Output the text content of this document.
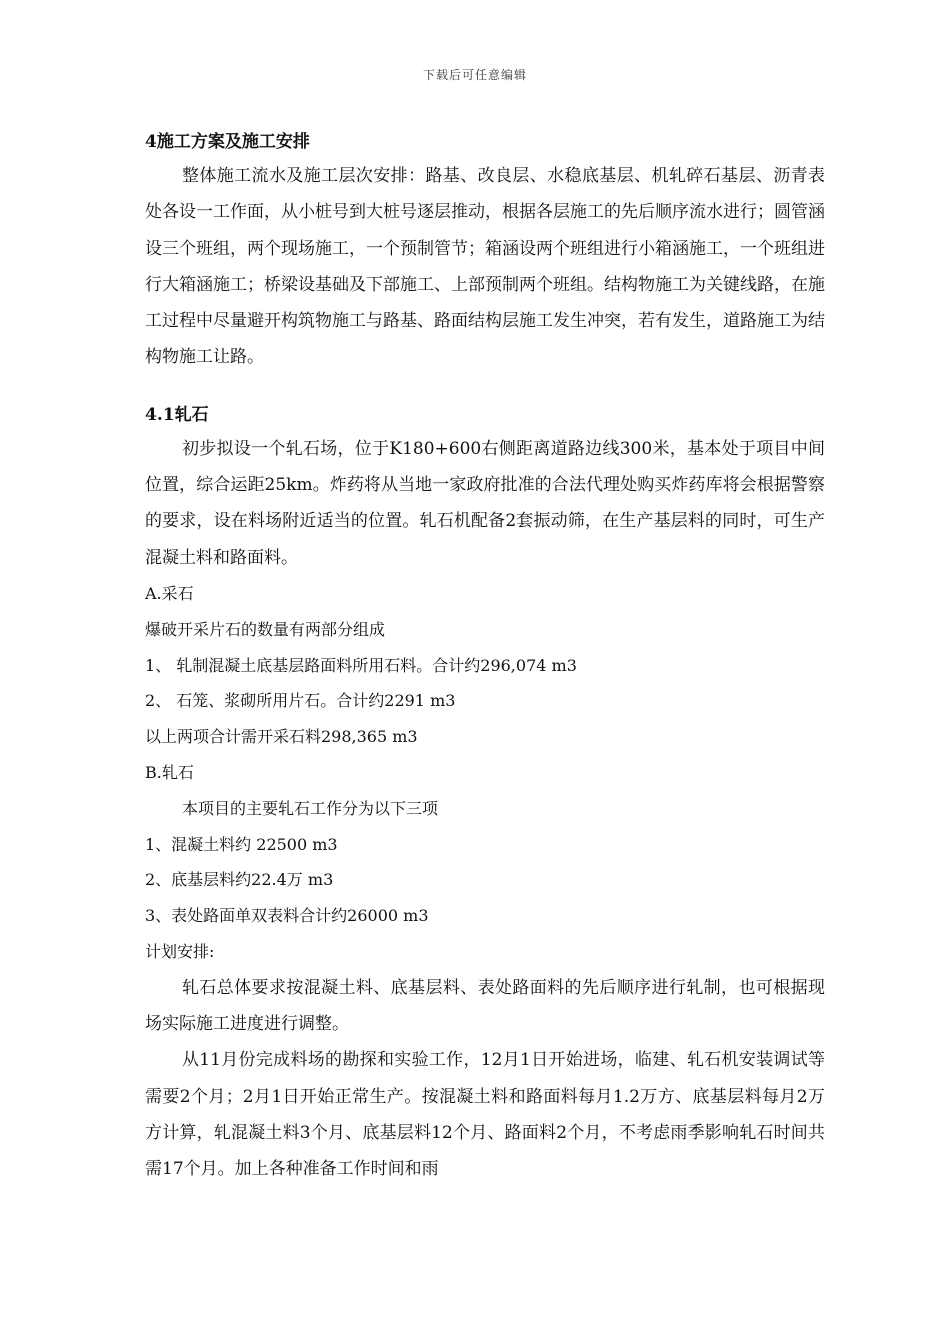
下载后可任意编辑

4施工方案及施工安排

整体施工流水及施工层次安排：路基、改良层、水稳底基层、机轧碎石基层、沥青表处各设一工作面，从小桩号到大桩号逐层推动，根据各层施工的先后顺序流水进行；圆管涵设三个班组，两个现场施工，一个预制管节；箱涵设两个班组进行小箱涵施工，一个班组进行大箱涵施工；桥梁设基础及下部施工、上部预制两个班组。结构物施工为关键线路，在施工过程中尽量避开构筑物施工与路基、路面结构层施工发生冲突，若有发生，道路施工为结构物施工让路。

4.1轧石

初步拟设一个轧石场，位于K180+600右侧距离道路边线300米，基本处于项目中间位置，综合运距25km。炸药将从当地一家政府批准的合法代理处购买炸药库将会根据警察的要求，设在料场附近适当的位置。轧石机配备2套振动筛，在生产基层料的同时，可生产混凝土料和路面料。

A.采石

爆破开采片石的数量有两部分组成

1、 轧制混凝土底基层路面料所用石料。合计约296,074 m3

2、 石笼、浆砌所用片石。合计约2291 m3

以上两项合计需开采石料298,365 m3

B.轧石

本项目的主要轧石工作分为以下三项

1、混凝土料约 22500 m3

2、底基层料约22.4万 m3

3、表处路面单双表料合计约26000 m3

计划安排:

轧石总体要求按混凝土料、底基层料、表处路面料的先后顺序进行轧制，也可根据现场实际施工进度进行调整。

从11月份完成料场的勘探和实验工作，12月1日开始进场，临建、轧石机安装调试等需要2个月；2月1日开始正常生产。按混凝土料和路面料每月1.2万方、底基层料每月2万方计算，轧混凝土料3个月、底基层料12个月、路面料2个月，不考虑雨季影响轧石时间共需17个月。加上各种准备工作时间和雨
